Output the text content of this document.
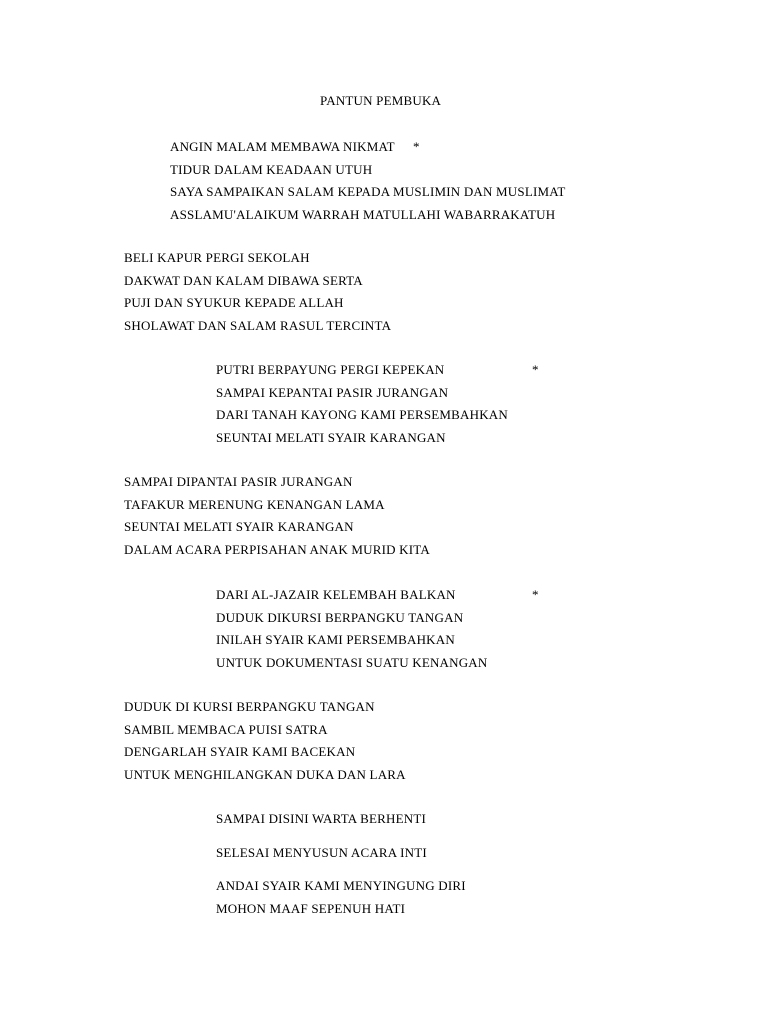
PANTUN PEMBUKA
ANGIN MALAM MEMBAWA NIKMAT *
TIDUR DALAM KEADAAN UTUH
SAYA SAMPAIKAN SALAM KEPADA MUSLIMIN DAN MUSLIMAT
ASSLAMU'ALAIKUM WARRAH MATULLAHI WABARRAKATUH
BELI KAPUR PERGI SEKOLAH
DAKWAT DAN KALAM DIBAWA SERTA
PUJI DAN SYUKUR KEPADE ALLAH
SHOLAWAT DAN SALAM RASUL TERCINTA
PUTRI BERPAYUNG PERGI KEPEKAN	*
SAMPAI KEPANTAI PASIR JURANGAN
DARI TANAH KAYONG KAMI PERSEMBAHKAN
SEUNTAI MELATI SYAIR KARANGAN
SAMPAI DIPANTAI PASIR JURANGAN
TAFAKUR MERENUNG KENANGAN LAMA
SEUNTAI MELATI SYAIR KARANGAN
DALAM ACARA PERPISAHAN ANAK MURID KITA
DARI AL-JAZAIR KELEMBAH BALKAN	*
DUDUK DIKURSI BERPANGKU TANGAN
INILAH SYAIR KAMI PERSEMBAHKAN
UNTUK DOKUMENTASI SUATU KENANGAN
DUDUK DI KURSI BERPANGKU TANGAN
SAMBIL MEMBACA PUISI SATRA
DENGARLAH SYAIR KAMI BACEKAN
UNTUK MENGHILANGKAN DUKA DAN LARA
SAMPAI DISINI WARTA BERHENTI
SELESAI MENYUSUN ACARA INTI
ANDAI SYAIR KAMI MENYINGUNG DIRI
MOHON MAAF SEPENUH HATI
